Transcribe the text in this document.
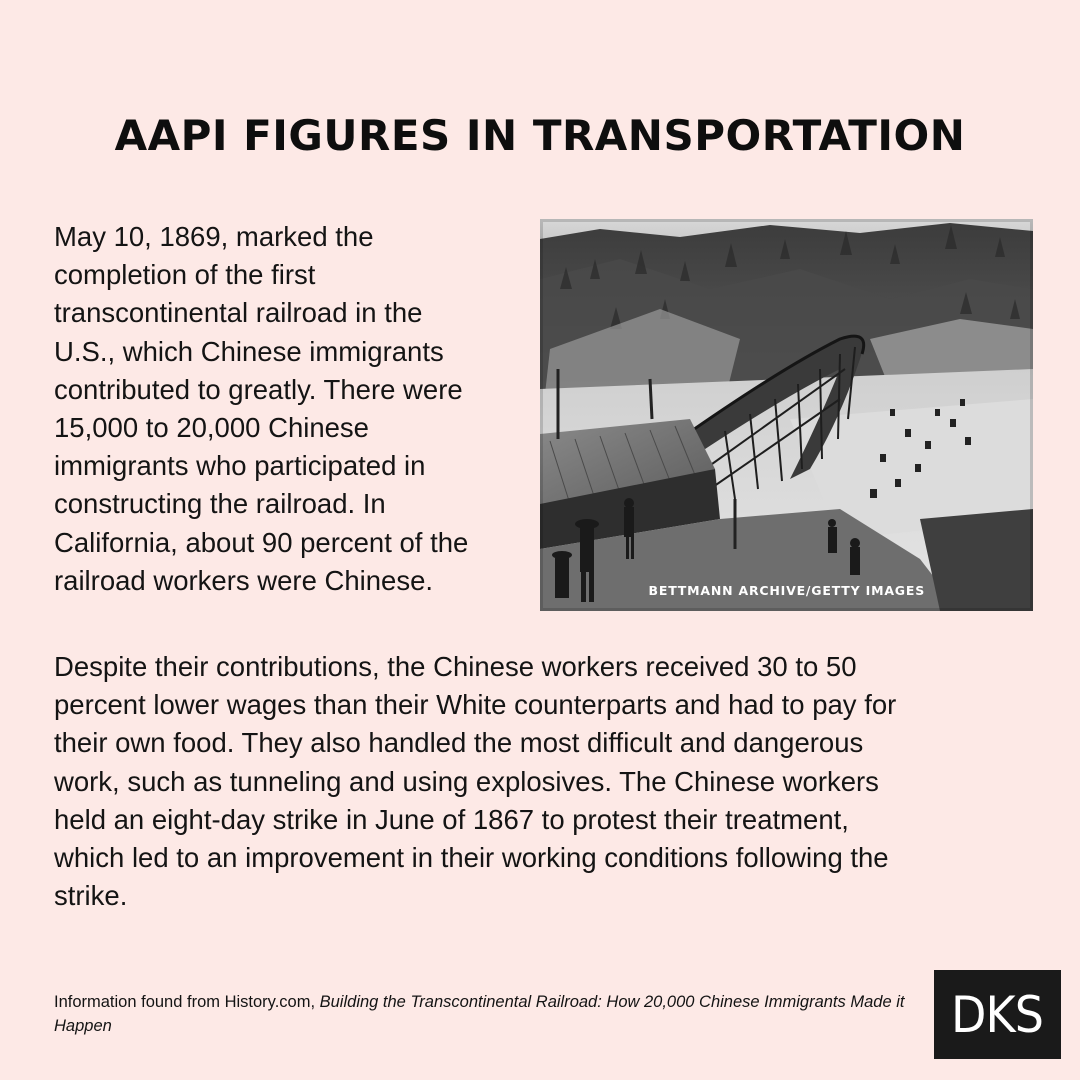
AAPI FIGURES IN TRANSPORTATION

May 10, 1869, marked the
completion of the first
transcontinental railroad in the
U.S., which Chinese immigrants
contributed to greatly. There were
15,000 to 20,000 Chinese
immigrants who participated in
constructing the railroad. In
California, about 90 percent of the
railroad workers were Chinese.	BETTMANN ARCHIVE/GETTY IMAGES

Despite their contributions, the Chinese workers received 30 to 50
percent lower wages than their White counterparts and had to pay for
their own food. They also handled the most difficult and dangerous
work, such as tunneling and using explosives. The Chinese workers
held an eight-day strike in June of 1867 to protest their treatment,
which led to an improvement in their working conditions following the
strike.

Information found from History.com, Building the Transcontinental Railroad: How 20,000 Chinese Immigrants Made it Happen	DKS
